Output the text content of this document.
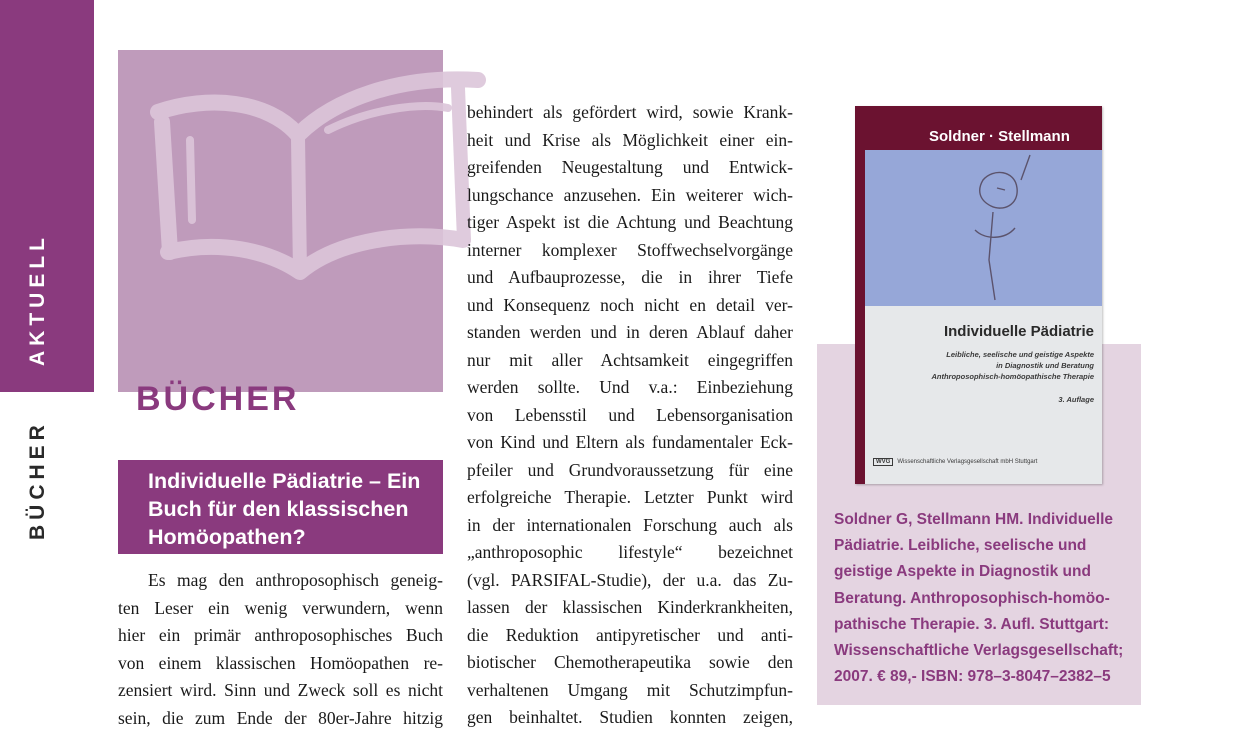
AKTUELL
BÜCHER
BÜCHER
Individuelle Pädiatrie – Ein
Buch für den klassischen
Homöopathen?
Es mag den anthroposophisch geneig-
ten Leser ein wenig verwundern, wenn
hier ein primär anthroposophisches Buch
von einem klassischen Homöopathen re-
zensiert wird. Sinn und Zweck soll es nicht
sein, die zum Ende der 80er-Jahre hitzig
behindert als gefördert wird, sowie Krank-
heit und Krise als Möglichkeit einer ein-
greifenden Neugestaltung und Entwick-
lungschance anzusehen. Ein weiterer wich-
tiger Aspekt ist die Achtung und Beachtung
interner komplexer Stoffwechselvorgänge
und Aufbauprozesse, die in ihrer Tiefe
und Konsequenz noch nicht en detail ver-
standen werden und in deren Ablauf daher
nur mit aller Achtsamkeit eingegriffen
werden sollte. Und v.a.: Einbeziehung
von Lebensstil und Lebensorganisation
von Kind und Eltern als fundamentaler Eck-
pfeiler und Grundvoraussetzung für eine
erfolgreiche Therapie. Letzter Punkt wird
in der internationalen Forschung auch als
„anthroposophic lifestyle“ bezeichnet
(vgl. PARSIFAL-Studie), der u.a. das Zu-
lassen der klassischen Kinderkrankheiten,
die Reduktion antipyretischer und anti-
biotischer Chemotherapeutika sowie den
verhaltenen Umgang mit Schutzimpfun-
gen beinhaltet. Studien konnten zeigen,
Soldner · Stellmann
Individuelle Pädiatrie
Leibliche, seelische und geistige Aspekte
in Diagnostik und Beratung
Anthroposophisch-homöopathische Therapie
3. Auflage
WVG Wissenschaftliche Verlagsgesellschaft mbH Stuttgart
Soldner G, Stellmann HM. Individuelle
Pädiatrie. Leibliche, seelische und
geistige Aspekte in Diagnostik und
Beratung. Anthroposophisch-homöo-
pathische Therapie. 3. Aufl. Stuttgart:
Wissenschaftliche Verlagsgesellschaft;
2007. € 89,- ISBN: 978–3-8047–2382–5
